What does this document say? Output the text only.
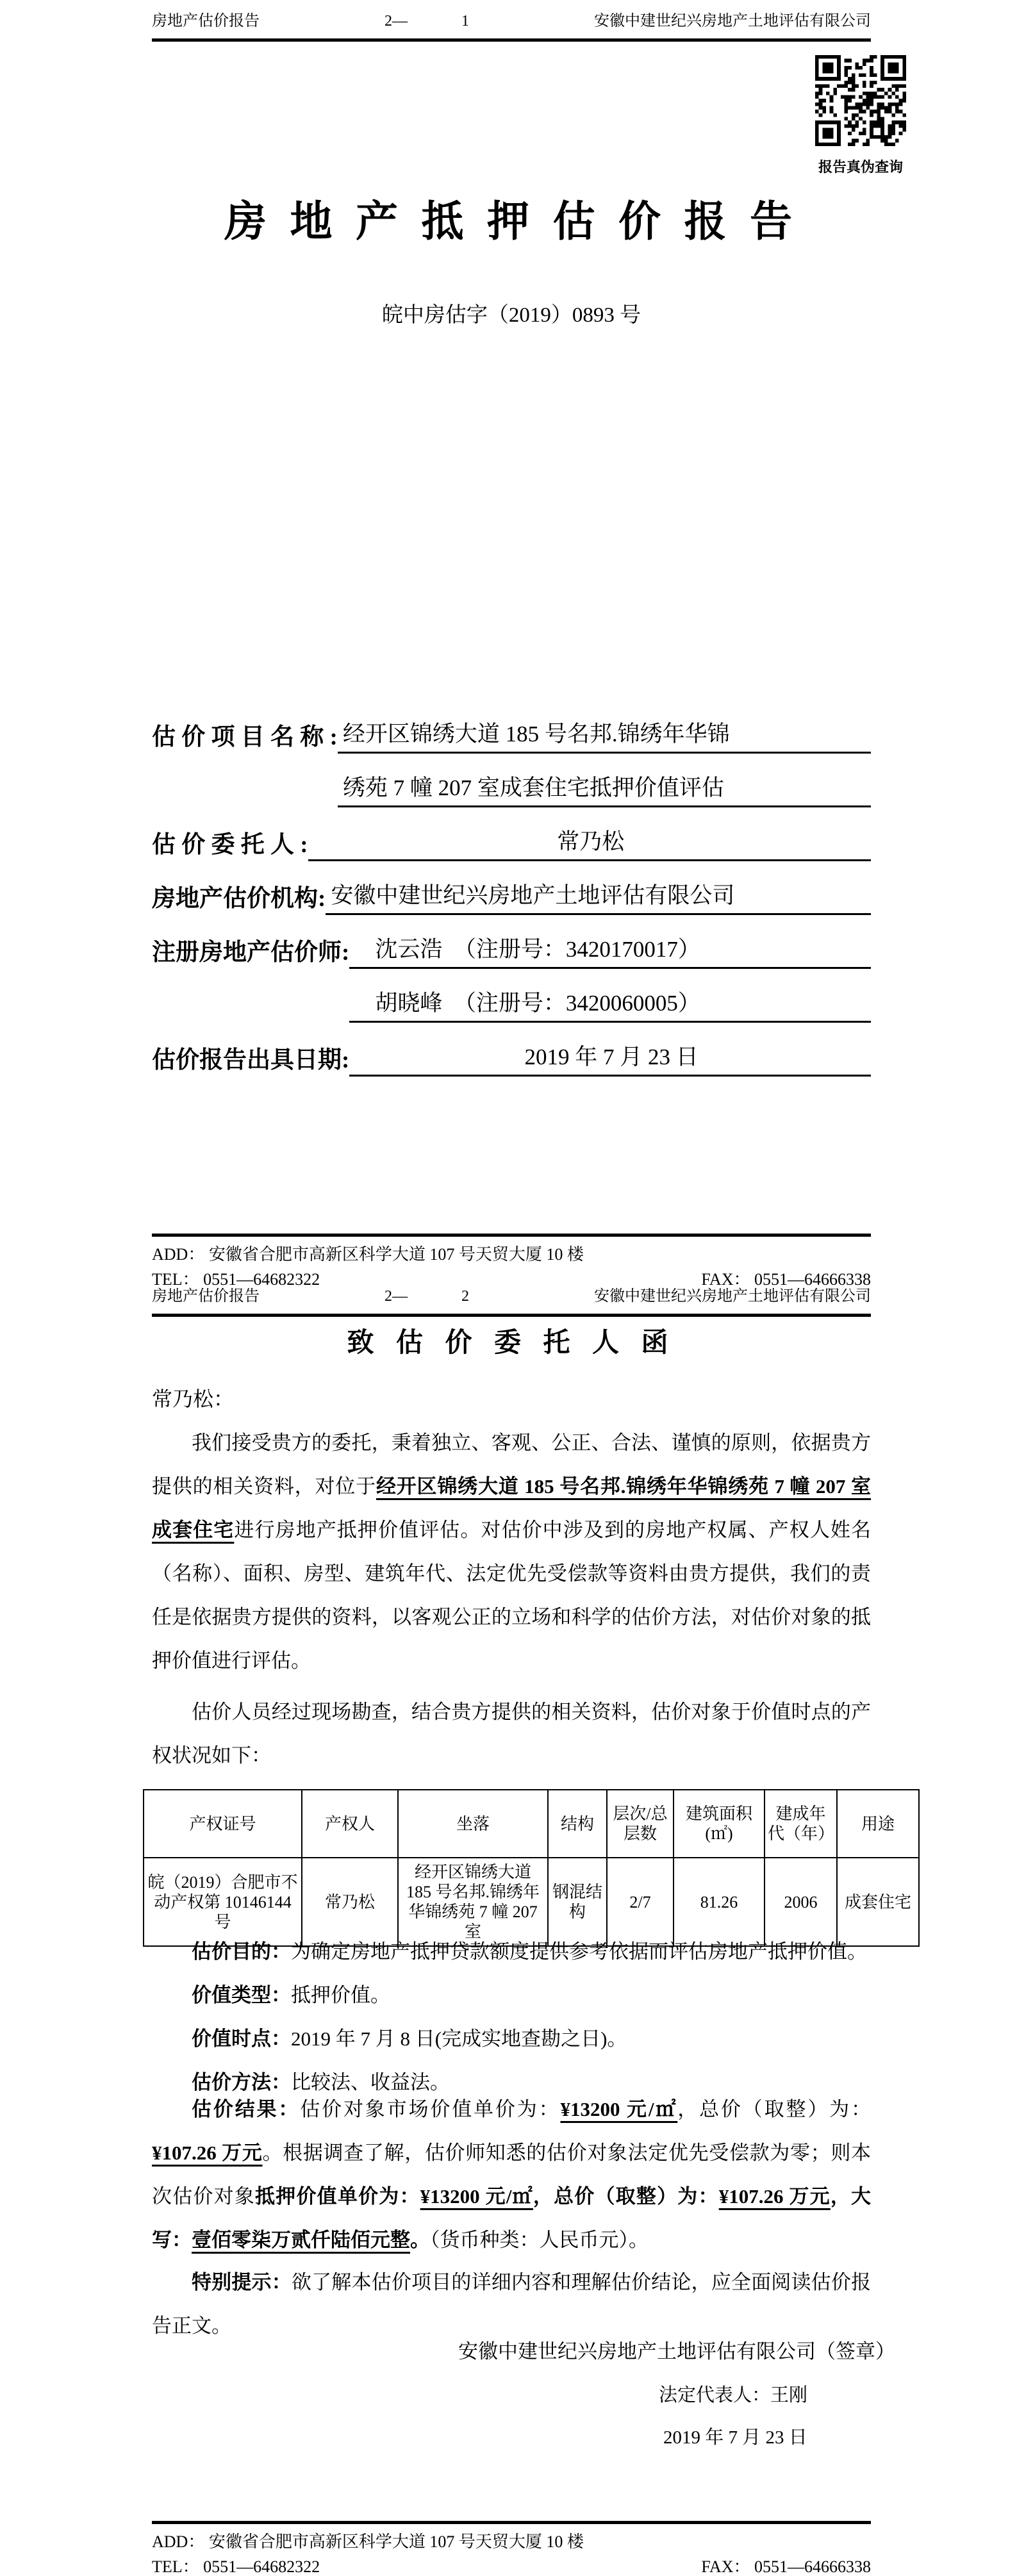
房地产估价报告	2—	1	安徽中建世纪兴房地产土地评估有限公司
报告真伪查询
房 地 产 抵 押 估 价 报 告
皖中房估字（2019）0893 号
估 价 项 目 名 称 : 经开区锦绣大道 185 号名邦.锦绣年华锦
绣苑 7 幢 207 室成套住宅抵押价值评估
估 价 委 托 人 :	常乃松
房地产估价机构: 安徽中建世纪兴房地产土地评估有限公司
注册房地产估价师:	沈云浩　（注册号：3420170017）
胡晓峰　（注册号：3420060005）
估价报告出具日期:	2019 年 7 月 23 日
ADD： 安徽省合肥市高新区科学大道 107 号天贸大厦 10 楼
TEL： 0551—64682322	FAX： 0551—64666338
房地产估价报告	2—	2	安徽中建世纪兴房地产土地评估有限公司
致 估 价 委 托 人 函
常乃松：
我们接受贵方的委托，秉着独立、客观、公正、合法、谨慎的原则，依据贵方提供的相关资料，对位于经开区锦绣大道 185 号名邦.锦绣年华锦绣苑 7 幢 207 室成套住宅进行房地产抵押价值评估。对估价中涉及到的房地产权属、产权人姓名（名称）、面积、房型、建筑年代、法定优先受偿款等资料由贵方提供，我们的责任是依据贵方提供的资料，以客观公正的立场和科学的估价方法，对估价对象的抵押价值进行评估。
估价人员经过现场勘查，结合贵方提供的相关资料，估价对象于价值时点的产权状况如下：
产权证号	产权人	坐落	结构	层次/总层数	建筑面积(㎡)	建成年代（年）	用途
皖（2019）合肥市不动产权第 10146144 号	常乃松	经开区锦绣大道 185 号名邦.锦绣年华锦绣苑 7 幢 207 室	钢混结构	2/7	81.26	2006	成套住宅
估价目的：为确定房地产抵押贷款额度提供参考依据而评估房地产抵押价值。
价值类型：抵押价值。
价值时点：2019 年 7 月 8 日(完成实地查勘之日)。
估价方法：比较法、收益法。
估价结果：估价对象市场价值单价为：¥13200 元/㎡，总价（取整）为：¥107.26 万元。根据调查了解，估价师知悉的估价对象法定优先受偿款为零；则本次估价对象抵押价值单价为：¥13200 元/㎡，总价（取整）为：¥107.26 万元，大写：壹佰零柒万贰仟陆佰元整。（货币种类：人民币元）。
特别提示：欲了解本估价项目的详细内容和理解估价结论，应全面阅读估价报告正文。
安徽中建世纪兴房地产土地评估有限公司（签章）
法定代表人：王刚
2019 年 7 月 23 日
ADD： 安徽省合肥市高新区科学大道 107 号天贸大厦 10 楼
TEL： 0551—64682322	FAX： 0551—64666338
